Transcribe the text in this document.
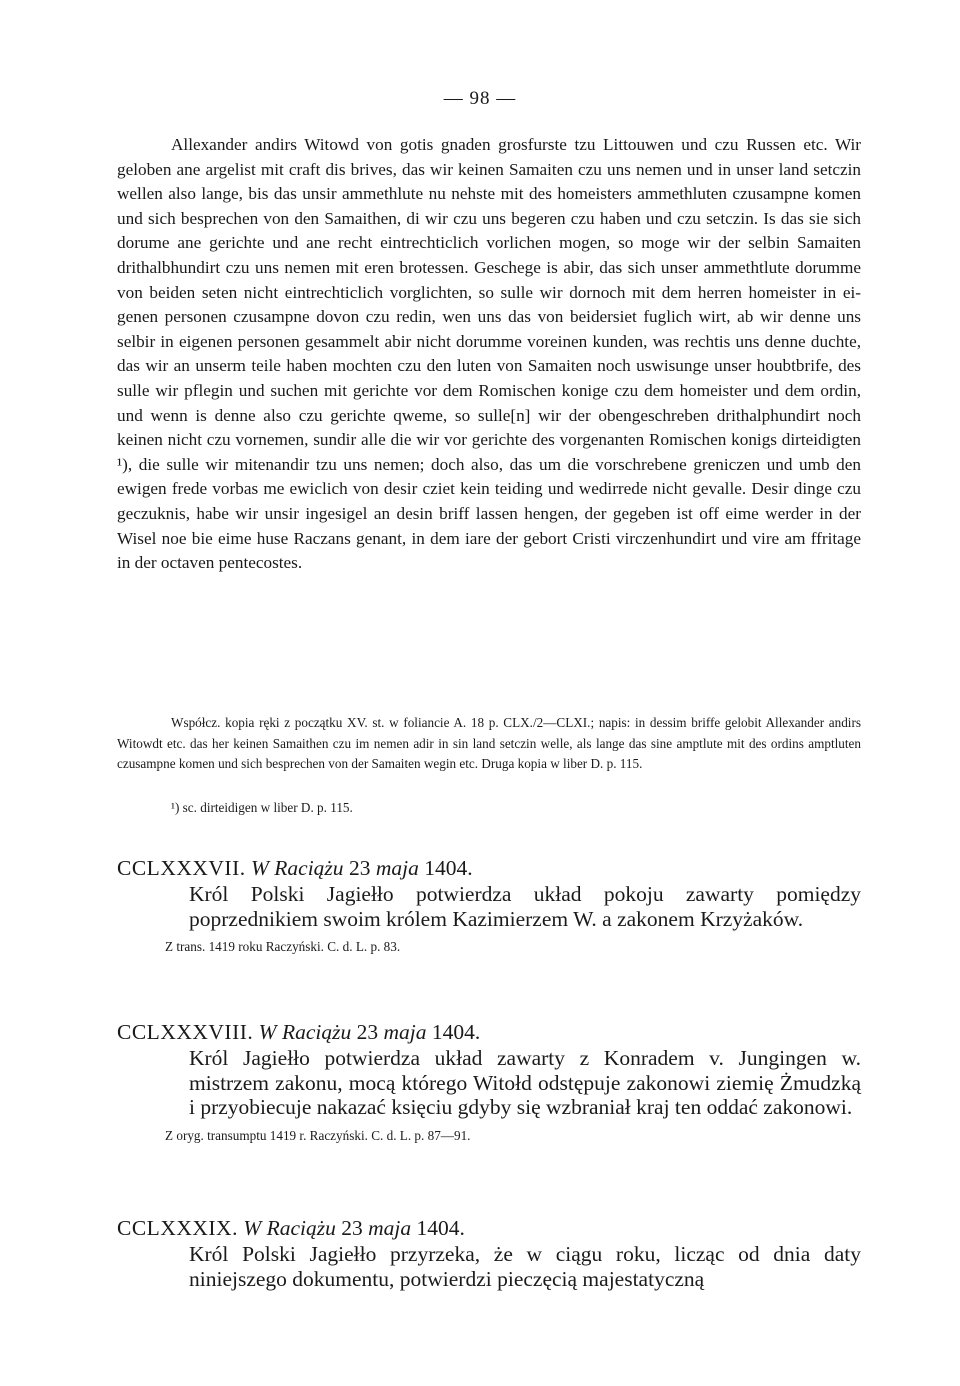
— 98 —
Allexander andirs Witowd von gotis gnaden grosfurste tzu Littouwen und czu Russen etc. Wir geloben ane argelist mit craft dis brives, das wir keinen Samaiten czu uns nemen und in unser land setczin wellen also lange, bis das unsir ammethlute nu nehste mit des homeisters ammethluten czusampne komen und sich besprechen von den Samaithen, di wir czu uns begeren czu haben und czu setczin. Is das sie sich dorume ane gerichte und ane recht eintrechticlich vorlichen mogen, so moge wir der selbin Samaiten drithalbhundirt czu uns nemen mit eren brotessen. Geschege is abir, das sich unser ammethtlute dorumme von beiden seten nicht eintrechticlich vorglichten, so sulle wir dornoch mit dem herren homeister in eigenen personen czusampne dovon czu redin, wen uns das von beidersiet fuglich wirt, ab wir denne uns selbir in eigenen personen gesammelt abir nicht dorumme voreinen kunden, was rechtis uns denne duchte, das wir an unserm teile haben mochten czu den luten von Samaiten noch uswisunge unser houbtbrife, des sulle wir pflegin und suchen mit gerichte vor dem Romischen konige czu dem homeister und dem ordin, und wenn is denne also czu gerichte qweme, so sulle[n] wir der obengeschreben drithalphundirt noch keinen nicht czu vornemen, sundir alle die wir vor gerichte des vorgenanten Romischen konigs dirteidigten ¹), die sulle wir mitenandir tzu uns nemen; doch also, das um die vorschrebene greniczen und umb den ewigen frede vorbas me ewiclich von desir cziet kein teiding und wedirrede nicht gevalle. Desir dinge czu geczuknis, habe wir unsir ingesigel an desin briff lassen hengen, der gegeben ist off eime werder in der Wisel noe bie eime huse Raczans genant, in dem iare der gebort Cristi virczenhundirt und vire am ffritage in der octaven pentecostes.
Współcz. kopia ręki z początku XV. st. w foliancie A. 18 p. CLX./2—CLXI.; napis: in dessim briffe gelobit Allexander andirs Witowdt etc. das her keinen Samaithen czu im nemen adir in sin land setczin welle, als lange das sine amptlute mit des ordins amptluten czusampne komen und sich besprechen von der Samaiten wegin etc. Druga kopia w liber D. p. 115.
¹) sc. dirteidigen w liber D. p. 115.
CCLXXXVII. W Raciążu 23 maja 1404.
Król Polski Jagiełło potwierdza układ pokoju zawarty pomiędzy poprzednikiem swoim królem Kazimierzem W. a zakonem Krzyżaków.
Z trans. 1419 roku Raczyński. C. d. L. p. 83.
CCLXXXVIII. W Raciążu 23 maja 1404.
Król Jagiełło potwierdza układ zawarty z Konradem v. Jungingen w. mistrzem zakonu, mocą którego Witołd odstępuje zakonowi ziemię Żmudzką i przyobiecuje nakazać księciu gdyby się wzbraniał kraj ten oddać zakonowi.
Z oryg. transumptu 1419 r. Raczyński. C. d. L. p. 87—91.
CCLXXXIX. W Raciążu 23 maja 1404.
Król Polski Jagiełło przyrzeka, że w ciągu roku, licząc od dnia daty niniejszego dokumentu, potwierdzi pieczęcią majestatyczną
